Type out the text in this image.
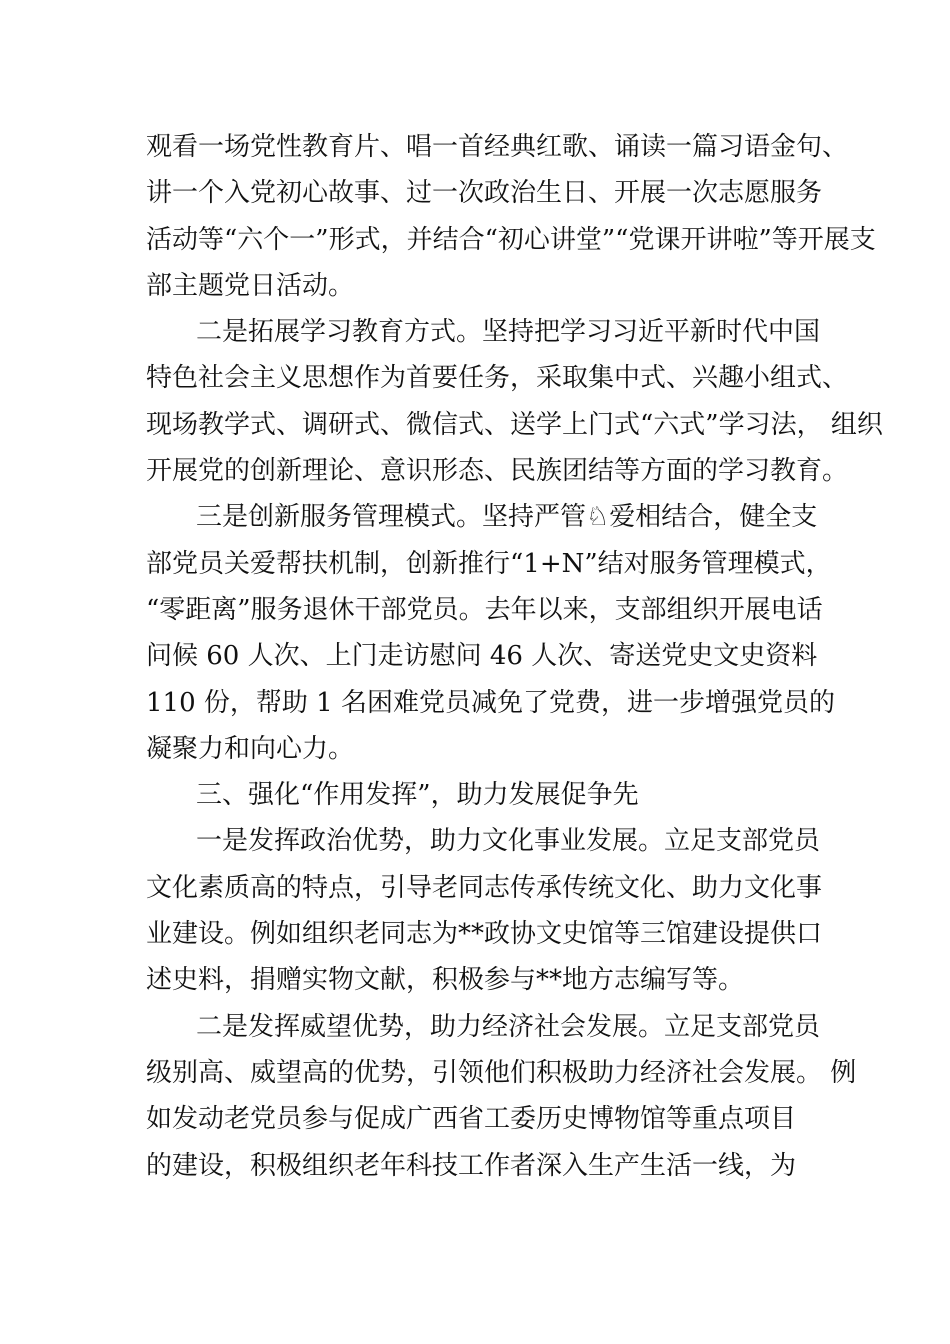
观看一场党性教育片、唱一首经典红歌、诵读一篇习语金句、
讲一个入党初心故事、过一次政治生日、开展一次志愿服务
活动等“六个一”形式，并结合“初心讲堂”“党课开讲啦”等开展支
部主题党日活动。
二是拓展学习教育方式。坚持把学习习近平新时代中国
特色社会主义思想作为首要任务，采取集中式、兴趣小组式、
现场教学式、调研式、微信式、送学上门式“六式”学习法， 组织
开展党的创新理论、意识形态、民族团结等方面的学习教育。
三是创新服务管理模式。坚持严管♘爱相结合，健全支
部党员关爱帮扶机制，创新推行“1+N”结对服务管理模式，
“零距离”服务退休干部党员。去年以来，支部组织开展电话
问候 60 人次、上门走访慰问 46 人次、寄送党史文史资料
110 份，帮助 1 名困难党员减免了党费，进一步增强党员的
凝聚力和向心力。
三、强化“作用发挥”，助力发展促争先
一是发挥政治优势，助力文化事业发展。立足支部党员
文化素质高的特点，引导老同志传承传统文化、助力文化事
业建设。例如组织老同志为**政协文史馆等三馆建设提供口
述史料，捐赠实物文献，积极参与**地方志编写等。
二是发挥威望优势，助力经济社会发展。立足支部党员
级别高、威望高的优势，引领他们积极助力经济社会发展。 例
如发动老党员参与促成广西省工委历史博物馆等重点项目
的建设，积极组织老年科技工作者深入生产生活一线，为
